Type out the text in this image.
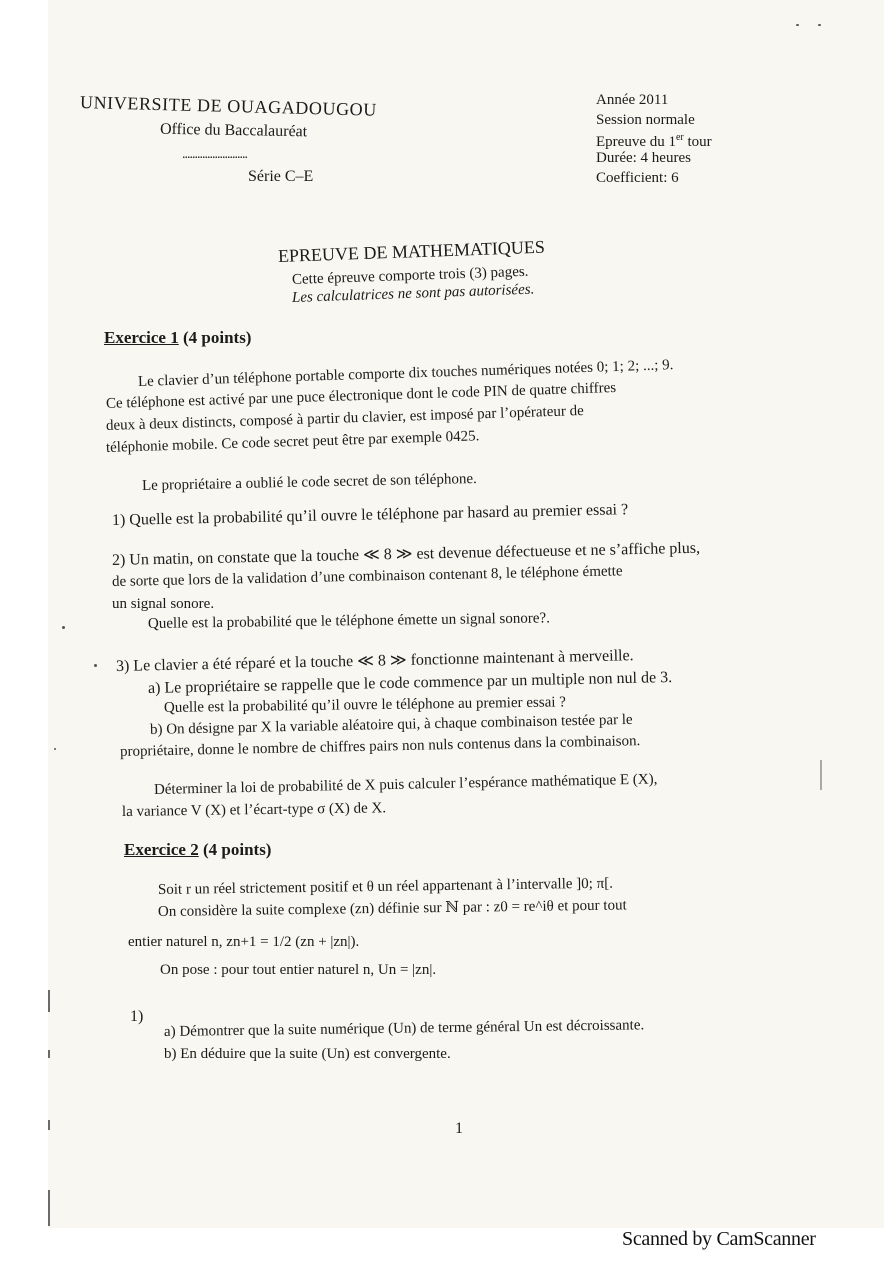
UNIVERSITE DE OUAGADOUGOU
Office du Baccalauréat
..........................
Série C–E
Année 2011
Session normale
Epreuve du 1er tour
Durée: 4 heures
Coefficient: 6
EPREUVE DE MATHEMATIQUES
Cette épreuve comporte trois (3) pages.
Les calculatrices ne sont pas autorisées.
Exercice 1 (4 points)
Le clavier d’un téléphone portable comporte dix touches numériques notées 0; 1; 2; ...; 9.
Ce téléphone est activé par une puce électronique dont le code PIN de quatre chiffres
deux à deux distincts, composé à partir du clavier, est imposé par l’opérateur de
téléphonie mobile. Ce code secret peut être par exemple 0425.
Le propriétaire a oublié le code secret de son téléphone.
1) Quelle est la probabilité qu’il ouvre le téléphone par hasard au premier essai ?
2) Un matin, on constate que la touche ≪ 8 ≫ est devenue défectueuse et ne s’affiche plus,
de sorte que lors de la validation d’une combinaison contenant 8, le téléphone émette
un signal sonore.
Quelle est la probabilité que le téléphone émette un signal sonore?.
3) Le clavier a été réparé et la touche ≪ 8 ≫ fonctionne maintenant à merveille.
a) Le propriétaire se rappelle que le code commence par un multiple non nul de 3.
Quelle est la probabilité qu’il ouvre le téléphone au premier essai ?
b) On désigne par X la variable aléatoire qui, à chaque combinaison testée par le
propriétaire, donne le nombre de chiffres pairs non nuls contenus dans la combinaison.
Déterminer la loi de probabilité de X puis calculer l’espérance mathématique E (X),
la variance V (X) et l’écart-type σ (X) de X.
Exercice 2 (4 points)
Soit r un réel strictement positif et θ un réel appartenant à l’intervalle ]0; π[.
On considère la suite complexe (zn) définie sur ℕ par : z0 = re^iθ et pour tout
entier naturel n, zn+1 = 1/2 (zn + |zn|).
On pose : pour tout entier naturel n, Un = |zn|.
1)
a) Démontrer que la suite numérique (Un) de terme général Un est décroissante.
b) En déduire que la suite (Un) est convergente.
1
Scanned by CamScanner
